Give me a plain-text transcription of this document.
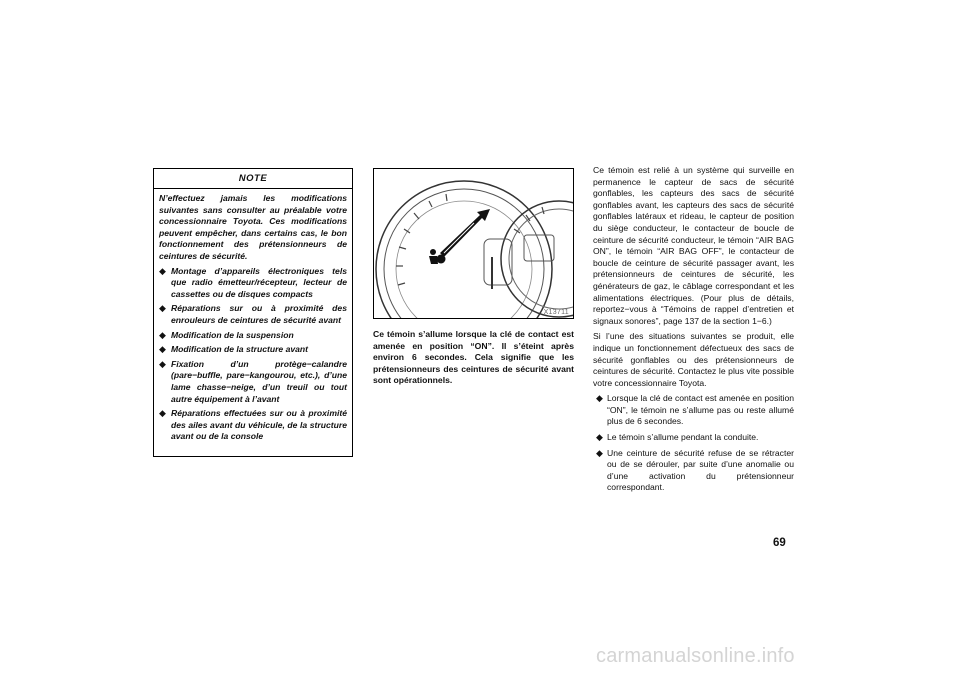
NOTE

N’effectuez jamais les modifications suivantes sans consulter au préalable votre concessionnaire Toyota. Ces modifications peuvent empêcher, dans certains cas, le bon fonctionnement des prétensionneurs de ceintures de sécurité.

◆ Montage d’appareils électroniques tels que radio émetteur/récepteur, lecteur de cassettes ou de disques compacts
◆ Réparations sur ou à proximité des enrouleurs de ceintures de sécurité avant
◆ Modification de la suspension
◆ Modification de la structure avant
◆ Fixation d’un protège−calandre (pare−buffle, pare−kangourou, etc.), d’une lame chasse−neige, d’un treuil ou tout autre équipement à l’avant
◆ Réparations effectuées sur ou à proximité des ailes avant du véhicule, de la structure avant ou de la console
X13711

Ce témoin s’allume lorsque la clé de contact est amenée en position “ON”. Il s’éteint après environ 6 secondes. Cela signifie que les prétensionneurs des ceintures de sécurité avant sont opérationnels.

Ce témoin est relié à un système qui surveille en permanence le capteur de sacs de sécurité gonflables, les capteurs des sacs de sécurité gonflables avant, les capteurs des sacs de sécurité gonflables latéraux et rideau, le capteur de position du siège conducteur, le contacteur de boucle de ceinture de sécurité conducteur, le témoin “AIR BAG ON”, le témoin “AIR BAG OFF”, le contacteur de boucle de ceinture de sécurité passager avant, les prétensionneurs de ceintures de sécurité, les générateurs de gaz, le câblage correspondant et les alimentations électriques. (Pour plus de détails, reportez−vous à “Témoins de rappel d’entretien et signaux sonores”, page 137 de la section 1−6.)

Si l’une des situations suivantes se produit, elle indique un fonctionnement défectueux des sacs de sécurité gonflables ou des prétensionneurs de ceintures de sécurité. Contactez le plus vite possible votre concessionnaire Toyota.

◆ Lorsque la clé de contact est amenée en position “ON”, le témoin ne s’allume pas ou reste allumé plus de 6 secondes.
◆ Le témoin s’allume pendant la conduite.
◆ Une ceinture de sécurité refuse de se rétracter ou de se dérouler, par suite d’une anomalie ou d’une activation du prétensionneur correspondant.
69
carmanualsonline.info
